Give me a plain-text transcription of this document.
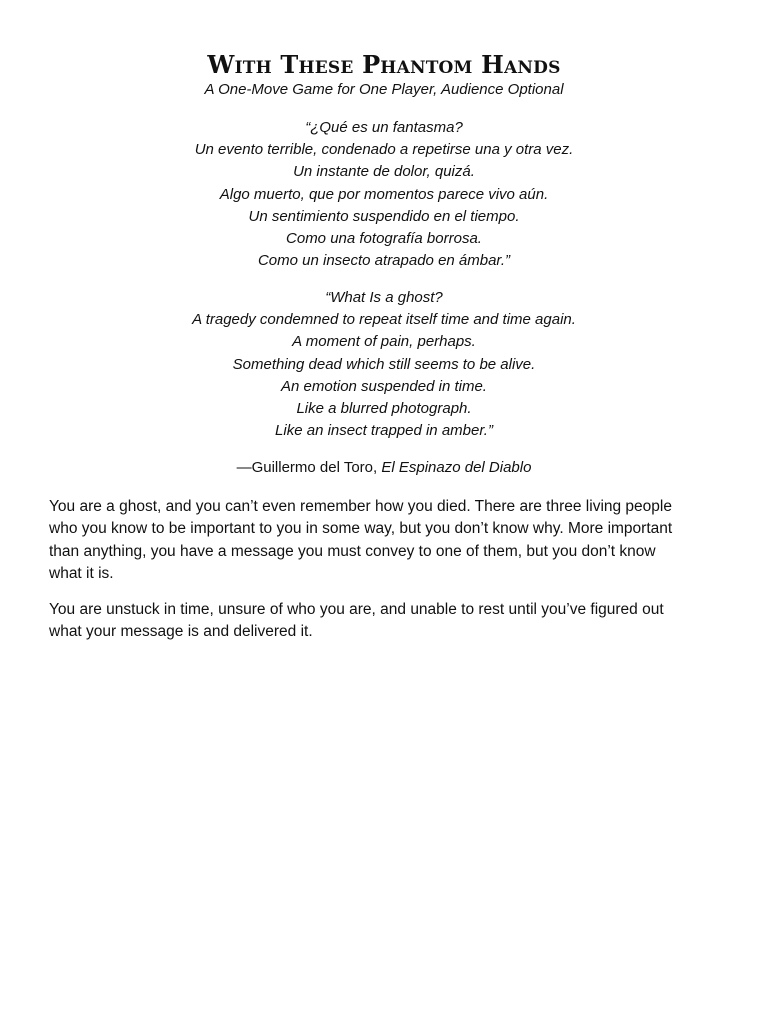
With These Phantom Hands
A One-Move Game for One Player, Audience Optional
“¿Qué es un fantasma?
Un evento terrible, condenado a repetirse una y otra vez.
Un instante de dolor, quizá.
Algo muerto, que por momentos parece vivo aún.
Un sentimiento suspendido en el tiempo.
Como una fotografía borrosa.
Como un insecto atrapado en ámbar.”
“What Is a ghost?
A tragedy condemned to repeat itself time and time again.
A moment of pain, perhaps.
Something dead which still seems to be alive.
An emotion suspended in time.
Like a blurred photograph.
Like an insect trapped in amber.”
—Guillermo del Toro, El Espinazo del Diablo

You are a ghost, and you can’t even remember how you died. There are three living people
who you know to be important to you in some way, but you don’t know why. More important
than anything, you have a message you must convey to one of them, but you don’t know
what it is.

You are unstuck in time, unsure of who you are, and unable to rest until you’ve figured out
what your message is and delivered it.
